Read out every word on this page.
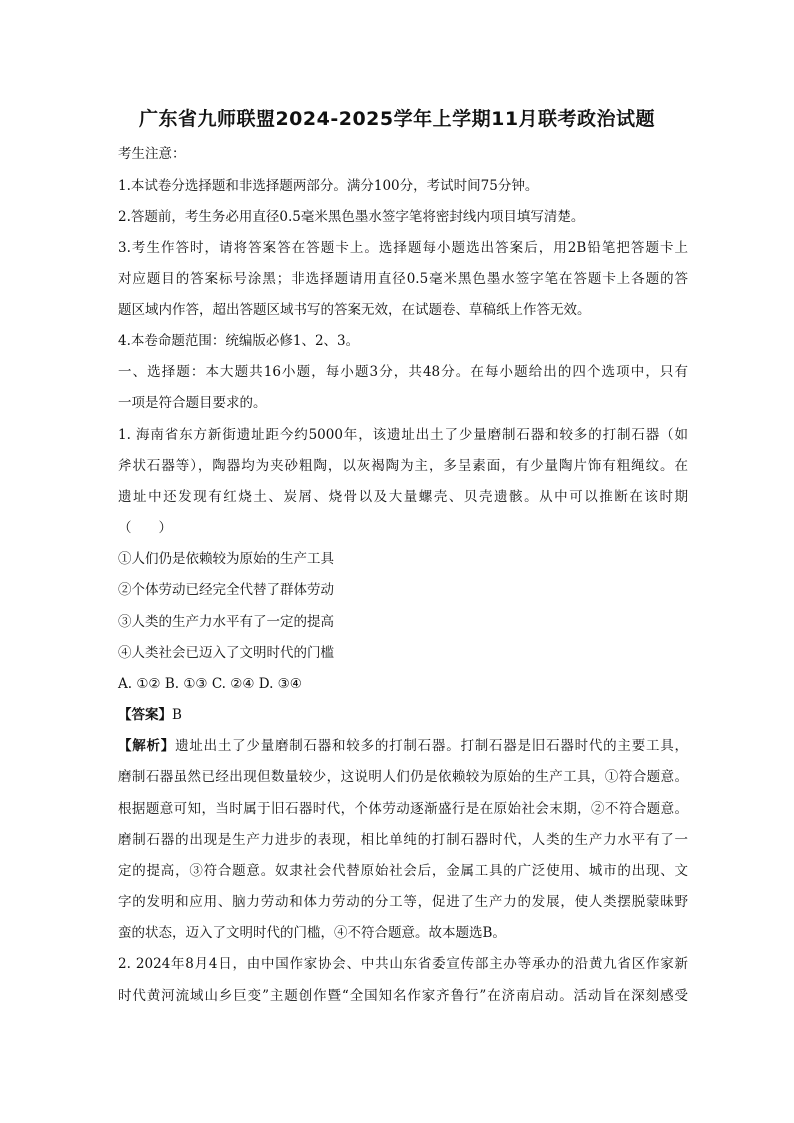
广东省九师联盟2024-2025学年上学期11月联考政治试题
考生注意：
1.本试卷分选择题和非选择题两部分。满分100分，考试时间75分钟。
2.答题前，考生务必用直径0.5毫米黑色墨水签字笔将密封线内项目填写清楚。
3.考生作答时，请将答案答在答题卡上。选择题每小题选出答案后，用2B铅笔把答题卡上
对应题目的答案标号涂黑；非选择题请用直径0.5毫米黑色墨水签字笔在答题卡上各题的答
题区域内作答，超出答题区域书写的答案无效，在试题卷、草稿纸上作答无效。
4.本卷命题范围：统编版必修1、2、3。
一、选择题：本大题共16小题，每小题3分，共48分。在每小题给出的四个选项中，只有
一项是符合题目要求的。
1. 海南省东方新街遗址距今约5000年，该遗址出土了少量磨制石器和较多的打制石器（如
斧状石器等），陶器均为夹砂粗陶，以灰褐陶为主，多呈素面，有少量陶片饰有粗绳纹。在
遗址中还发现有红烧土、炭屑、烧骨以及大量螺壳、贝壳遗骸。从中可以推断在该时期
（　　）
①人们仍是依赖较为原始的生产工具
②个体劳动已经完全代替了群体劳动
③人类的生产力水平有了一定的提高
④人类社会已迈入了文明时代的门槛
A. ①② B. ①③ C. ②④ D. ③④
【答案】B
【解析】遗址出土了少量磨制石器和较多的打制石器。打制石器是旧石器时代的主要工具，
磨制石器虽然已经出现但数量较少，这说明人们仍是依赖较为原始的生产工具，①符合题意。
根据题意可知，当时属于旧石器时代，个体劳动逐渐盛行是在原始社会末期，②不符合题意。
磨制石器的出现是生产力进步的表现，相比单纯的打制石器时代，人类的生产力水平有了一
定的提高，③符合题意。奴隶社会代替原始社会后，金属工具的广泛使用、城市的出现、文
字的发明和应用、脑力劳动和体力劳动的分工等，促进了生产力的发展，使人类摆脱蒙昧野
蛮的状态，迈入了文明时代的门槛，④不符合题意。故本题选B。
2. 2024年8月4日，由中国作家协会、中共山东省委宣传部主办等承办的沿黄九省区作家新
时代黄河流域山乡巨变”主题创作暨“全国知名作家齐鲁行”在济南启动。活动旨在深刻感受
